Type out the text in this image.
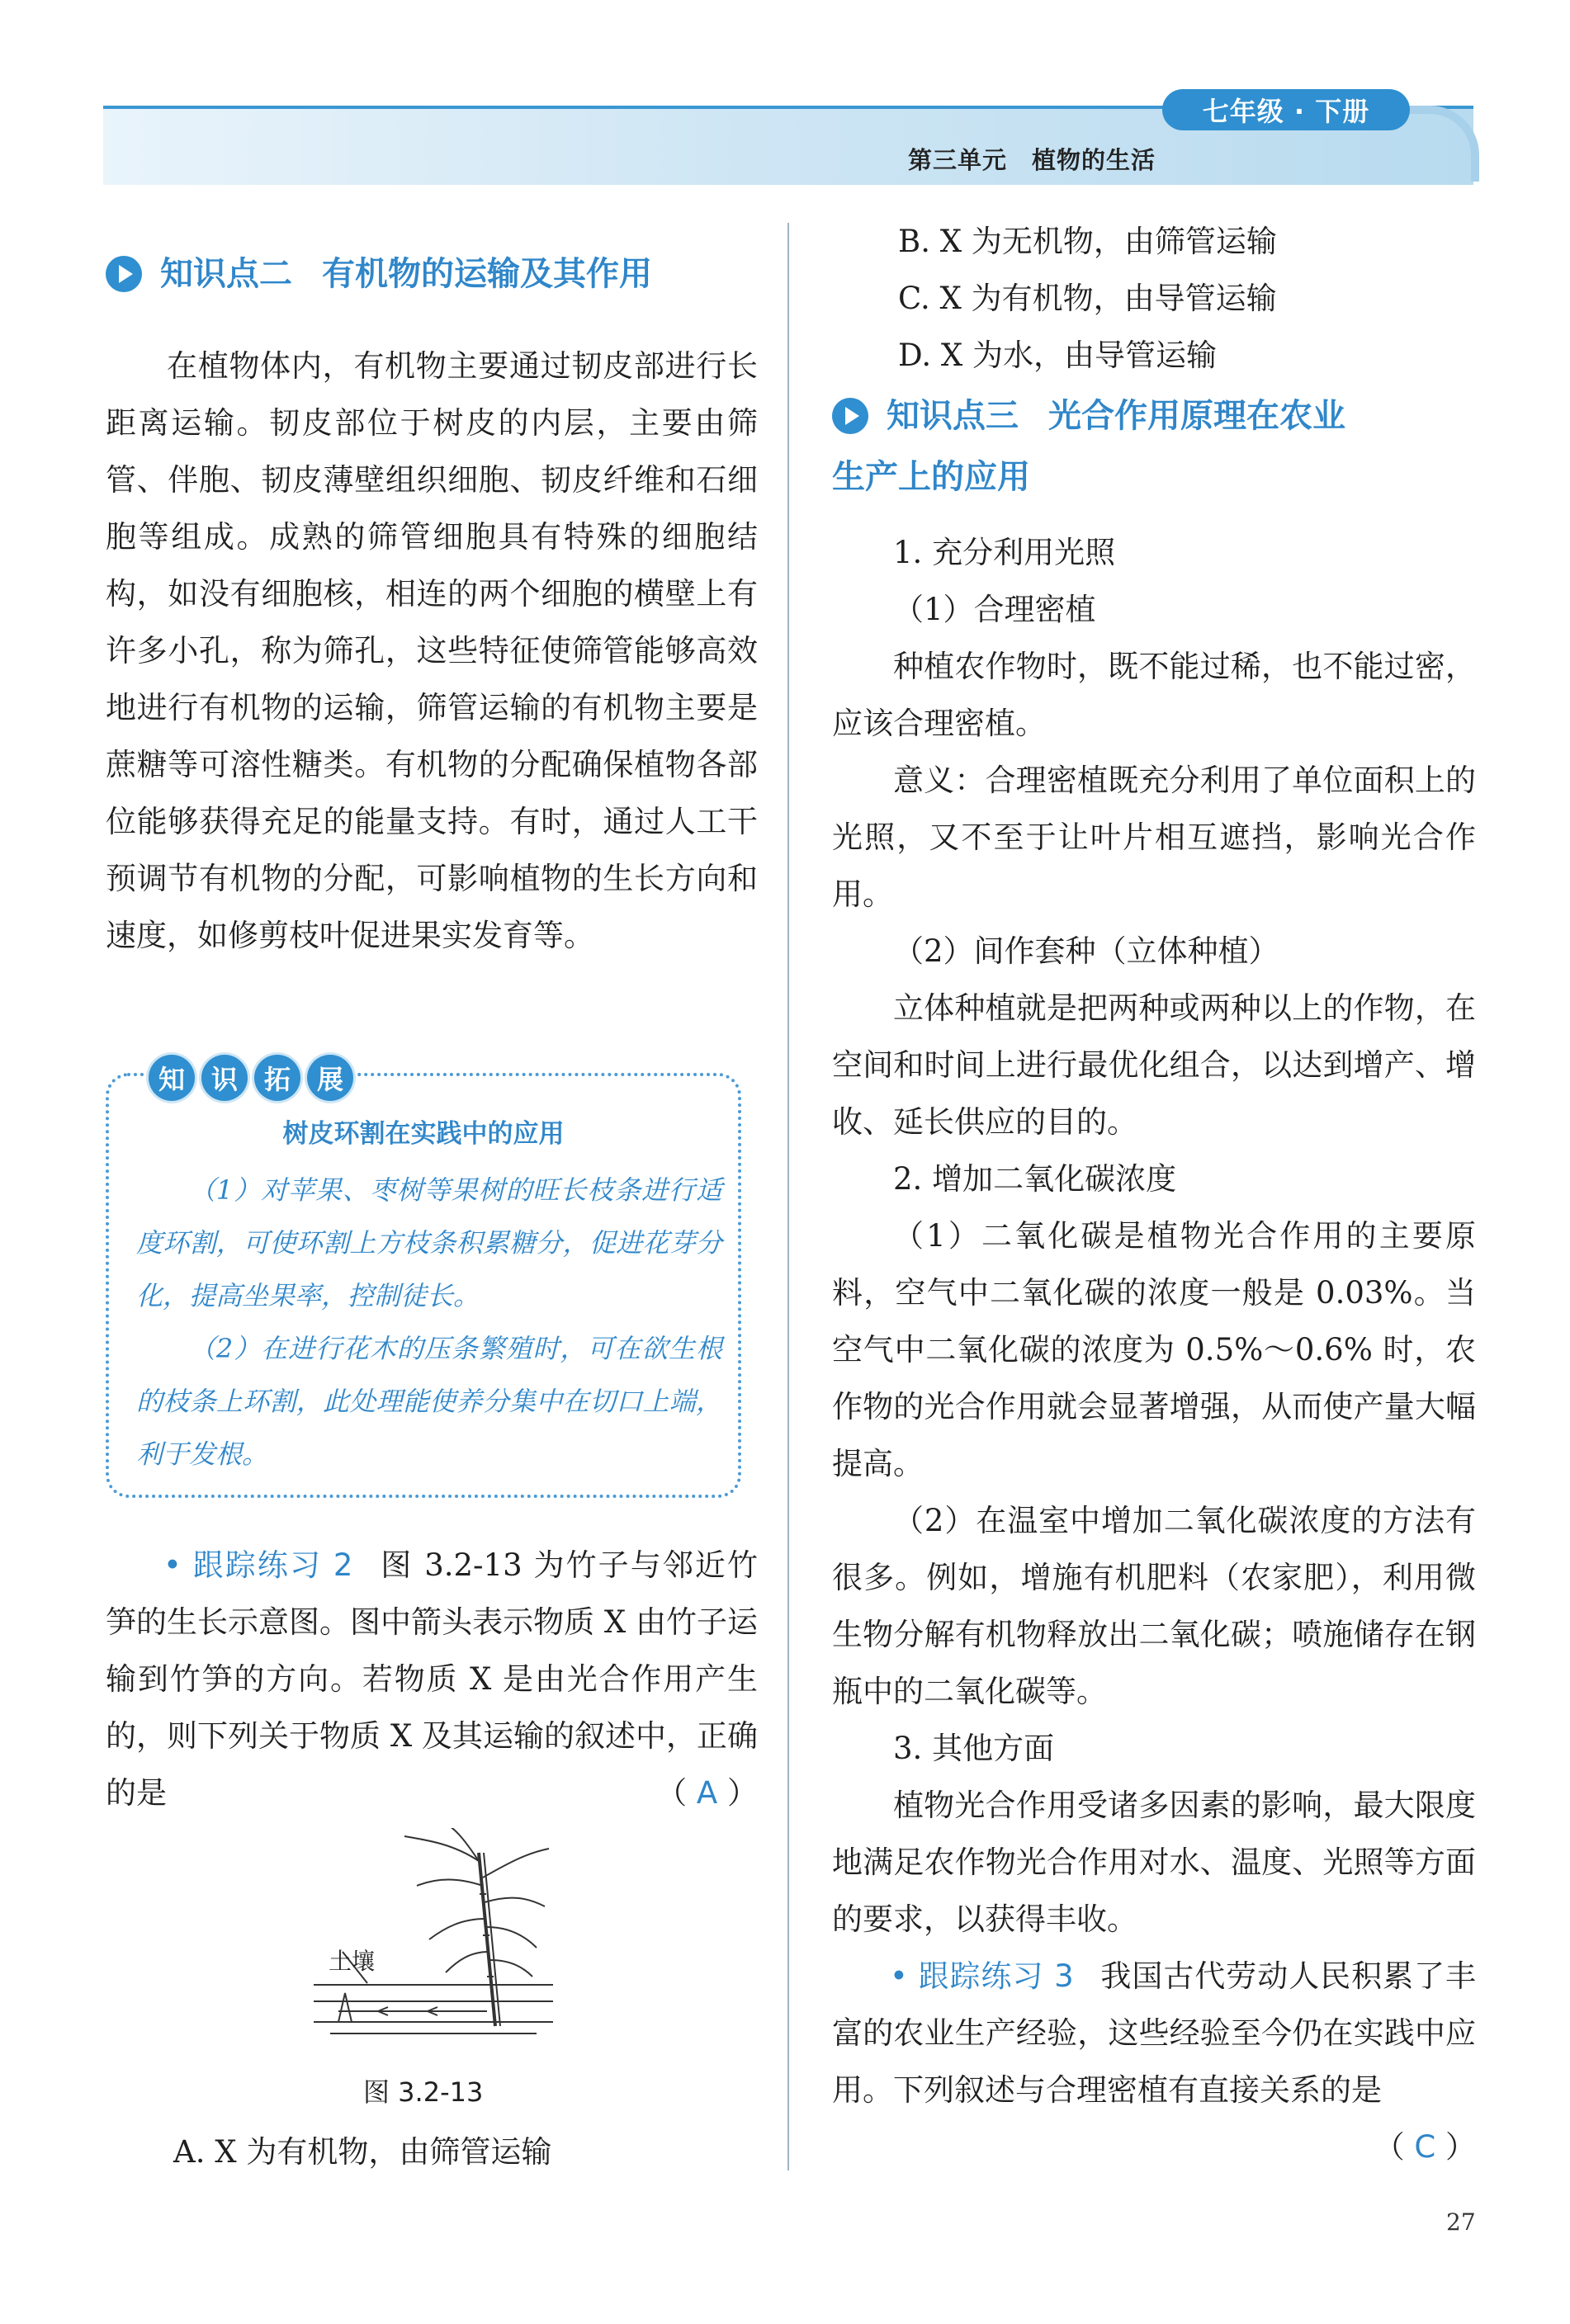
七年级 · 下册
第三单元　植物的生活
知识点二 有机物的运输及其作用

在植物体内，有机物主要通过韧皮部进行长距离运输。韧皮部位于树皮的内层，主要由筛管、伴胞、韧皮薄壁组织细胞、韧皮纤维和石细胞等组成。成熟的筛管细胞具有特殊的细胞结构，如没有细胞核，相连的两个细胞的横壁上有许多小孔，称为筛孔，这些特征使筛管能够高效地进行有机物的运输，筛管运输的有机物主要是蔗糖等可溶性糖类。有机物的分配确保植物各部位能够获得充足的能量支持。有时，通过人工干预调节有机物的分配，可影响植物的生长方向和速度，如修剪枝叶促进果实发育等。

知 识 拓 展
树皮环割在实践中的应用

（1）对苹果、枣树等果树的旺长枝条进行适度环割，可使环割上方枝条积累糖分，促进花芽分化，提高坐果率，控制徒长。

（2）在进行花木的压条繁殖时，可在欲生根的枝条上环割，此处理能使养分集中在切口上端，利于发根。

• 跟踪练习 2 图 3.2-13 为竹子与邻近竹笋的生长示意图。图中箭头表示物质 X 由竹子运输到竹笋的方向。若物质 X 是由光合作用产生的，则下列关于物质 X 及其运输的叙述中，正确的是	（ A ）

土壤
图 3.2-13

A. X 为有机物，由筛管运输

B. X 为无机物，由筛管运输

C. X 为有机物，由导管运输

D. X 为水，由导管运输

知识点三 光合作用原理在农业
生产上的应用

1. 充分利用光照

（1）合理密植

种植农作物时，既不能过稀，也不能过密，应该合理密植。

意义：合理密植既充分利用了单位面积上的光照，又不至于让叶片相互遮挡，影响光合作用。

（2）间作套种（立体种植）

立体种植就是把两种或两种以上的作物，在空间和时间上进行最优化组合，以达到增产、增收、延长供应的目的。

2. 增加二氧化碳浓度

（1）二氧化碳是植物光合作用的主要原料，空气中二氧化碳的浓度一般是 0.03%。当空气中二氧化碳的浓度为 0.5%～0.6% 时，农作物的光合作用就会显著增强，从而使产量大幅提高。

（2）在温室中增加二氧化碳浓度的方法有很多。例如，增施有机肥料（农家肥），利用微生物分解有机物释放出二氧化碳；喷施储存在钢瓶中的二氧化碳等。

3. 其他方面

植物光合作用受诸多因素的影响，最大限度地满足农作物光合作用对水、温度、光照等方面的要求，以获得丰收。

• 跟踪练习 3 我国古代劳动人民积累了丰富的农业生产经验，这些经验至今仍在实践中应用。下列叙述与合理密植有直接关系的是
（ C ）

27
